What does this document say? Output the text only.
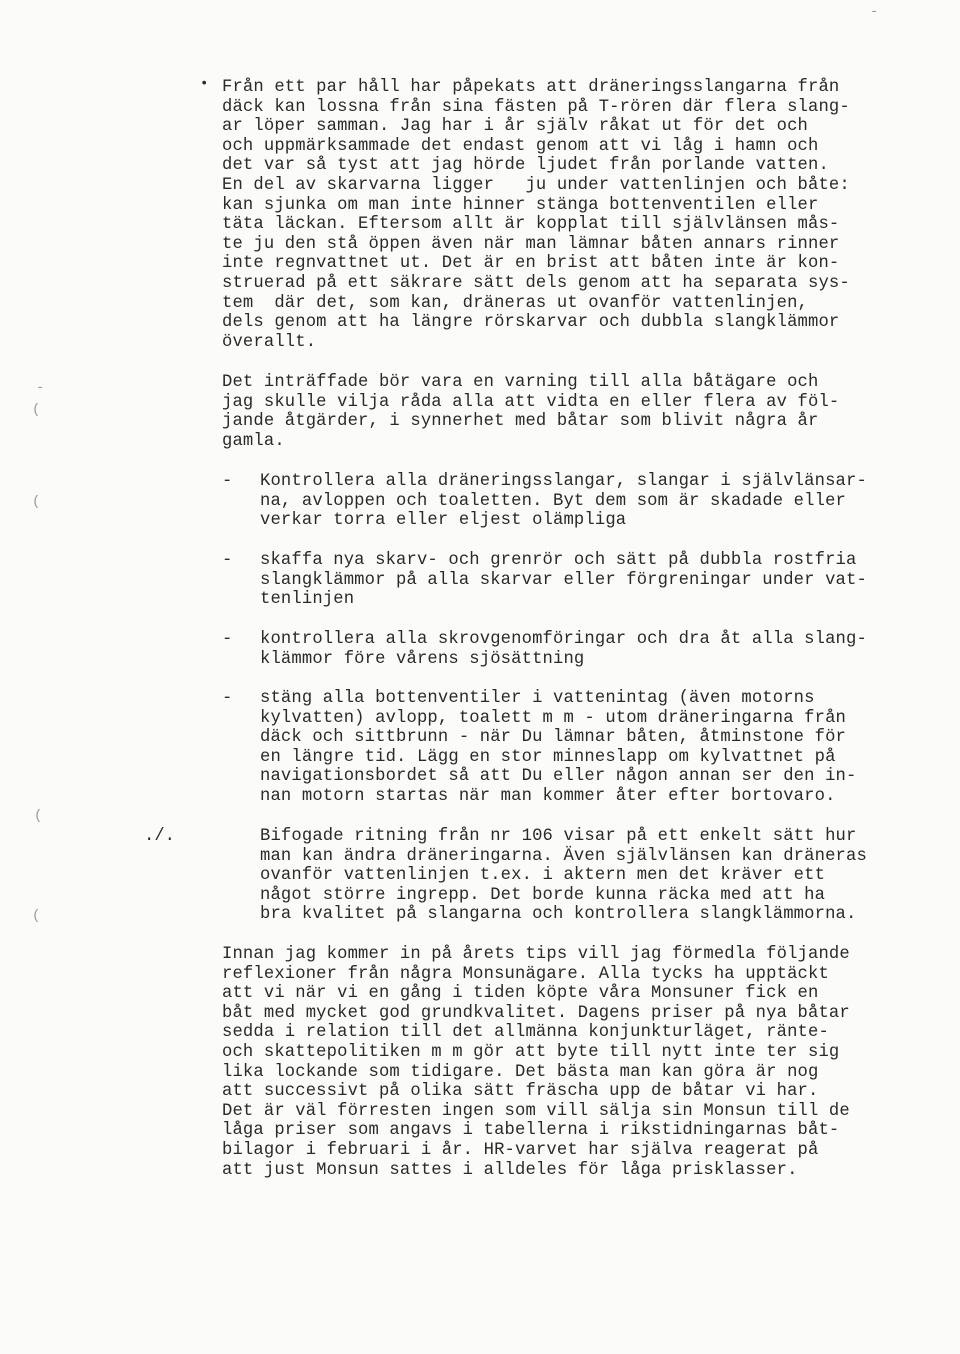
• Från ett par håll har påpekats att dräneringsslangarna från
däck kan lossna från sina fästen på T-rören där flera slang-
ar löper samman. Jag har i år själv råkat ut för det och
och uppmärksammade det endast genom att vi låg i hamn och
det var så tyst att jag hörde ljudet från porlande vatten.
En del av skarvarna ligger   ju under vattenlinjen och båte:
kan sjunka om man inte hinner stänga bottenventilen eller
täta läckan. Eftersom allt är kopplat till självlänsen mås-
te ju den stå öppen även när man lämnar båten annars rinner
inte regnvattnet ut. Det är en brist att båten inte är kon-
struerad på ett säkrare sätt dels genom att ha separata sys-
tem  där det, som kan, dräneras ut ovanför vattenlinjen,
dels genom att ha längre rörskarvar och dubbla slangklämmor
överallt.
Det inträffade bör vara en varning till alla båtägare och
jag skulle vilja råda alla att vidta en eller flera av föl-
jande åtgärder, i synnerhet med båtar som blivit några år
gamla.
- Kontrollera alla dräneringsslangar, slangar i självlänsar-
na, avloppen och toaletten. Byt dem som är skadade eller
verkar torra eller eljest olämpliga
- skaffa nya skarv- och grenrör och sätt på dubbla rostfria
slangklämmor på alla skarvar eller förgreningar under vat-
tenlinjen
- kontrollera alla skrovgenomföringar och dra åt alla slang-
klämmor före vårens sjösättning
- stäng alla bottenventiler i vattenintag (även motorns
kylvatten) avlopp, toalett m m - utom dräneringarna från
däck och sittbrunn - när Du lämnar båten, åtminstone för
en längre tid. Lägg en stor minneslapp om kylvattnet på
navigationsbordet så att Du eller någon annan ser den in-
nan motorn startas när man kommer åter efter bortovaro.
./.	Bifogade ritning från nr 106 visar på ett enkelt sätt hur
man kan ändra dräneringarna. Även självlänsen kan dräneras
ovanför vattenlinjen t.ex. i aktern men det kräver ett
något större ingrepp. Det borde kunna räcka med att ha
bra kvalitet på slangarna och kontrollera slangklämmorna.
Innan jag kommer in på årets tips vill jag förmedla följande
reflexioner från några Monsunägare. Alla tycks ha upptäckt
att vi när vi en gång i tiden köpte våra Monsuner fick en
båt med mycket god grundkvalitet. Dagens priser på nya båtar
sedda i relation till det allmänna konjunkturläget, ränte-
och skattepolitiken m m gör att byte till nytt inte ter sig
lika lockande som tidigare. Det bästa man kan göra är nog
att successivt på olika sätt fräscha upp de båtar vi har.
Det är väl förresten ingen som vill sälja sin Monsun till de
låga priser som angavs i tabellerna i rikstidningarnas båt-
bilagor i februari i år. HR-varvet har själva reagerat på
att just Monsun sattes i alldeles för låga prisklasser.
-
(
(
(
(
-
